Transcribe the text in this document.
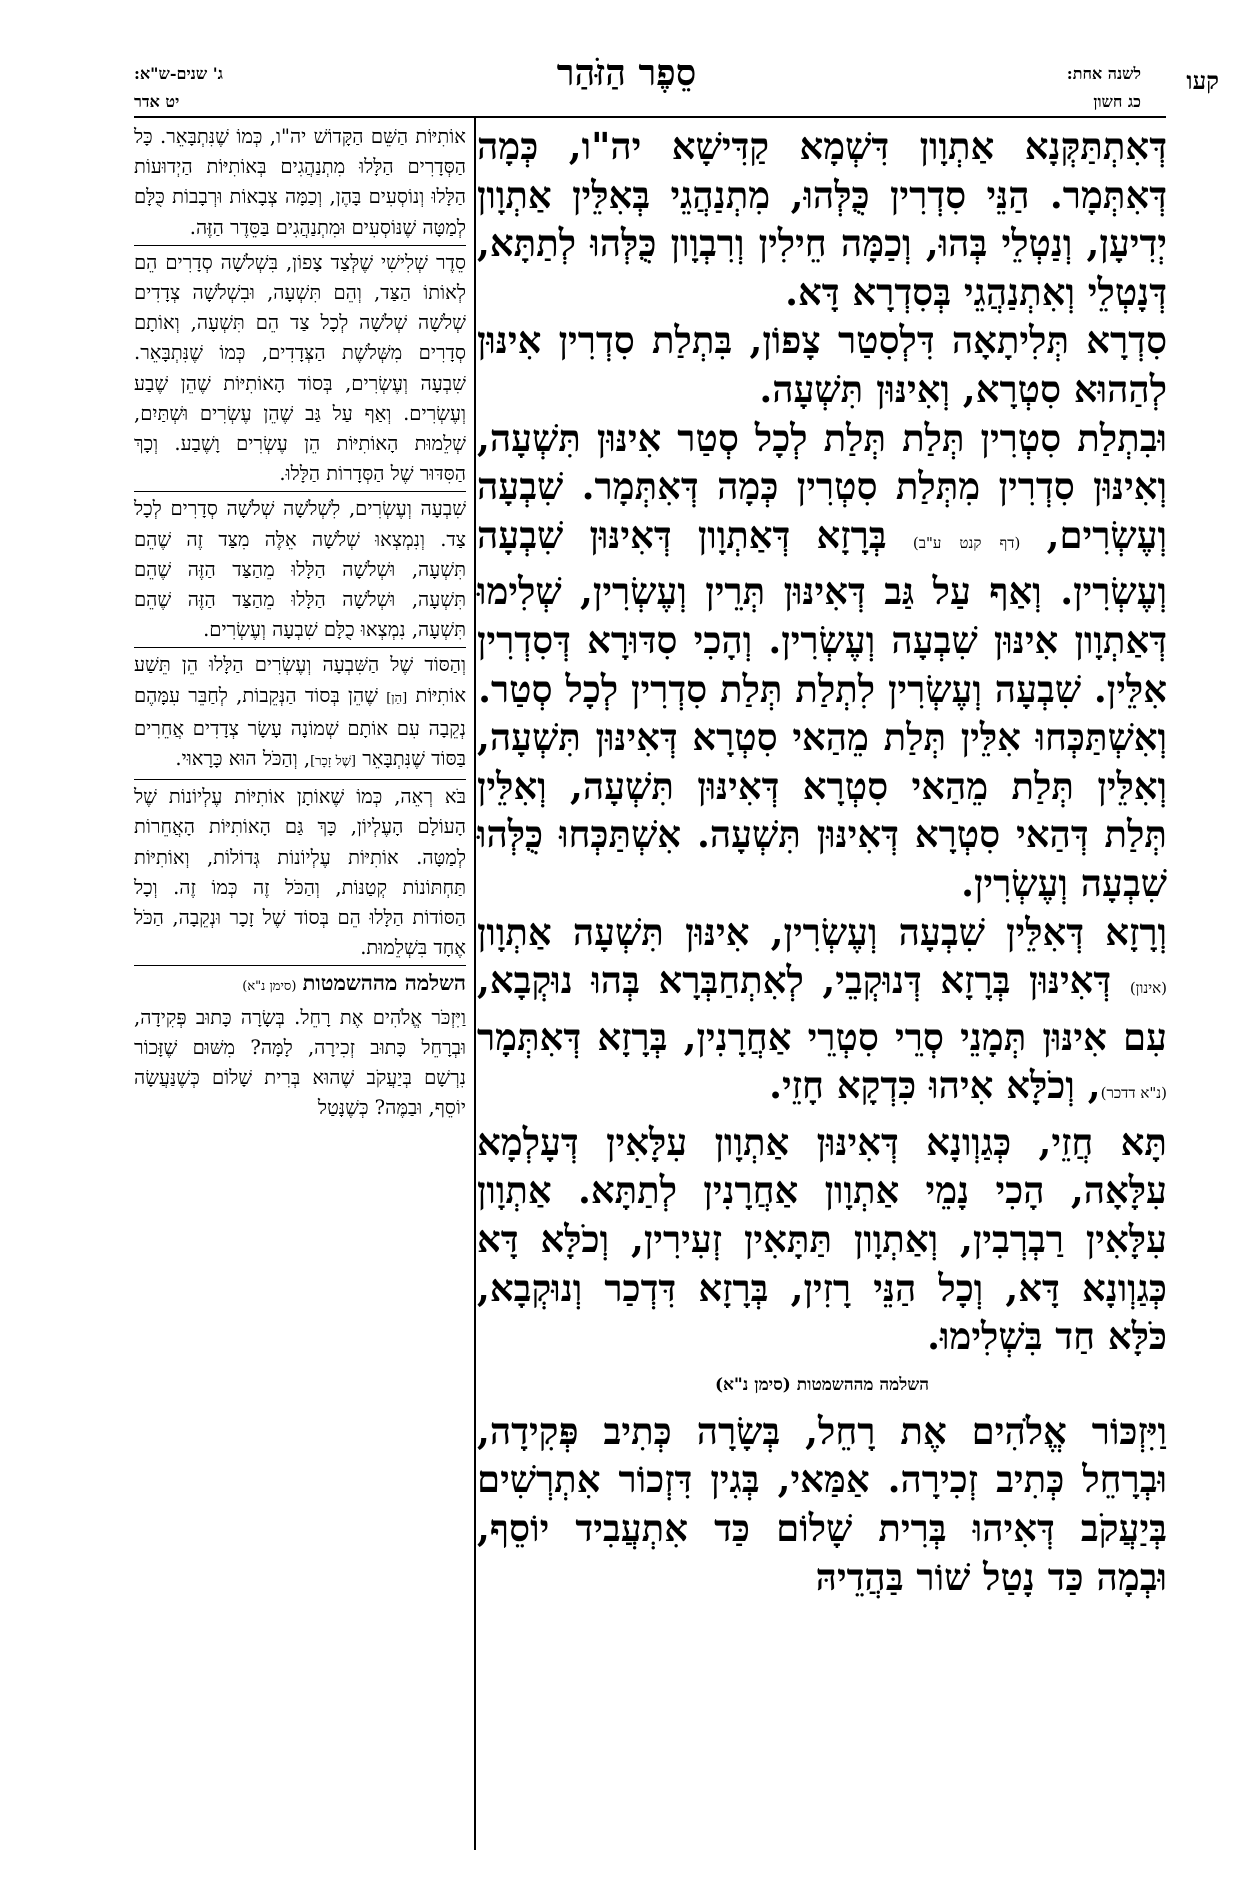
קעו
לשנה אחת:
כג חשון
סֵפֶר הַזֹּהַר
ג' שנים-ש"א:
יט אדר

דְּאִתְתַּקְּנָא אַתְוָון דִּשְׁמָא קַדִּישָׁא יה"ו, כְּמָה דְּאִתְּמָר. הַנֵּי סִדְרִין כֻּלְּהוּ, מִתְנַהֲגֵי בְּאִלֵּין אַתְוָון יְדִיעָן, וְנַטְלֵי בְּהוּ, וְכַמָּה חֵילִין וְרִבְוָון כֻּלְּהוּ לְתַתָּא, דְּנָטְלֵי וְאִתְנַהֲגֵי בְּסִדְרָא דָּא.

סִדְרָא תְּלִיתָאָה דִּלְסִטַר צָפוֹן, בִּתְלַת סִדְרִין אִינּוּן לְהַהוּא סִטְרָא, וְאִינּוּן תִּשְׁעָה.

וּבִתְלַת סִטְרִין תְּלַת תְּלַת לְכָל סְטַר אִינּוּן תִּשְׁעָה, וְאִינּוּן סִדְרִין מִתְּלַת סִטְרִין כְּמָה דְּאִתְּמָר. שִׁבְעָה וְעֶשְׂרִים, (דף קנט ע"ב) בְּרָזָא דְּאַתְוָון דְּאִינּוּן שִׁבְעָה וְעֶשְׂרִין. וְאַף עַל גַּב דְּאִינּוּן תְּרֵין וְעֶשְׂרִין, שְׁלִימוּ דְּאַתְוָון אִינּוּן שִׁבְעָה וְעֶשְׂרִין. וְהָכִי סִדּוּרָא דְּסִדְרִין אִלֵּין. שִׁבְעָה וְעֶשְׂרִין לִתְלַת תְּלַת סִדְרִין לְכָל סְטַר.

וְאִשְׁתַּכְּחוּ אִלֵּין תְּלַת מֵהַאי סִטְרָא דְּאִינּוּן תִּשְׁעָה, וְאִלֵּין תְּלַת מֵהַאי סִטְרָא דְּאִינּוּן תִּשְׁעָה, וְאִלֵּין תְּלַת דְּהַאי סִטְרָא דְּאִינּוּן תִּשְׁעָה. אִשְׁתַּכְּחוּ כֻּלְּהוּ שִׁבְעָה וְעֶשְׂרִין.

וְרָזָא דְּאִלֵּין שִׁבְעָה וְעֶשְׂרִין, אִינּוּן תִּשְׁעָה אַתְוָון (אינון) דְּאִינּוּן בְּרָזָא דְּנוּקְבֵי, לְאִתְחַבְּרָא בְּהוּ נוּקְבָא, עִם אִינּוּן תְּמָנֵי סְרֵי סִטְרֵי אַחֲרָנִין, בְּרָזָא דְּאִתְּמָר (נ"א דדכר), וְכֹלָּא אִיהוּ כִּדְקָא חָזֵי.

תָּא חֲזֵי, כְּגַוְונָא דְּאִינּוּן אַתְוָון עִלָּאִין דְּעָלְמָא עִלָּאָה, הָכִי נָמֵי אַתְוָון אַחֲרָנִין לְתַתָּא. אַתְוָון עִלָּאִין רַבְרְבִין, וְאַתְוָון תַּתָּאִין זְעִירִין, וְכֹלָּא דָּא כְּגַוְונָא דָּא, וְכָל הַנֵּי רָזִין, בְּרָזָא דִּדְכַר וְנוּקְבָא, כֹּלָּא חַד בִּשְׁלִימוּ.

השלמה מההשמטות (סימן נ"א)

וַיִּזְכּוֹר אֱלֹהִים אֶת רָחֵל, בְּשָׂרָה כְּתִיב פְּקִידָה, וּבְרָחֵל כְּתִיב זְכִירָה. אַמַּאי, בְּגִין דִּזְכוֹר אִתְרְשִׁים בְּיַעֲקֹב דְּאִיהוּ בְּרִית שָׁלוֹם כַּד אִתְעֲבִיד יוֹסֵף, וּבְמָה כַּד נָטַל שׁוֹר בַּהֲדֵיהּ

אוֹתִיּוֹת הַשֵּׁם הַקָּדוֹשׁ יה"ו, כְּמוֹ שֶׁנִּתְבָּאֵר. כָּל הַסְּדָרִים הַלָּלוּ מִתְנַהֲגִים בְּאוֹתִיּוֹת הַיְדוּעוֹת הַלָּלוּ וְנוֹסְעִים בָּהֶן, וְכַמָּה צְבָאוֹת וּרְבָבוֹת כֻּלָּם לְמַטָּה שֶׁנּוֹסְעִים וּמִתְנַהֲגִים בַּסֵּדֶר הַזֶּה.

סֵדֶר שְׁלִישִׁי שֶׁלְּצַד צָפוֹן, בִּשְׁלֹשָׁה סְדָרִים הֵם לְאוֹתוֹ הַצַּד, וְהֵם תִּשְׁעָה, וּבִשְׁלֹשָׁה צְדָדִים שְׁלֹשָׁה שְׁלֹשָׁה לְכָל צַד הֵם תִּשְׁעָה, וְאוֹתָם סְדָרִים מִשְּׁלֹשֶׁת הַצְּדָדִים, כְּמוֹ שֶׁנִּתְבָּאֵר. שִׁבְעָה וְעֶשְׂרִים, בְּסוֹד הָאוֹתִיּוֹת שֶׁהֵן שֶׁבַע וְעֶשְׂרִים. וְאַף עַל גַּב שֶׁהֵן עֶשְׂרִים וּשְׁתַּיִם, שְׁלֵמוּת הָאוֹתִיּוֹת הֵן עֶשְׂרִים וָשֶׁבַע. וְכָךְ הַסִּדּוּר שֶׁל הַסְּדָרוֹת הַלָּלוּ.

שִׁבְעָה וְעֶשְׂרִים, לִשְׁלֹשָׁה שְׁלֹשָׁה סְדָרִים לְכָל צַד. וְנִמְצְאוּ שְׁלֹשָׁה אֵלֶּה מִצַּד זֶה שֶׁהֵם תִּשְׁעָה, וּשְׁלֹשָׁה הַלָּלוּ מֵהַצַּד הַזֶּה שֶׁהֵם תִּשְׁעָה, וּשְׁלֹשָׁה הַלָּלוּ מֵהַצַּד הַזֶּה שֶׁהֵם תִּשְׁעָה, נִמְצְאוּ כֻלָּם שִׁבְעָה וְעֶשְׂרִים.

וְהַסּוֹד שֶׁל הַשִּׁבְעָה וְעֶשְׂרִים הַלָּלוּ הֵן תֵּשַׁע אוֹתִיּוֹת [הֵן] שֶׁהֵן בְּסוֹד הַנְּקֵבוֹת, לְחַבֵּר עִמָּהֶם נְקֵבָה עִם אוֹתָם שְׁמוֹנָה עָשָׂר צְדָדִים אֲחֵרִים בַּסּוֹד שֶׁנִּתְבָּאֵר [שֶׁל זָכָר], וְהַכֹּל הוּא כָּרָאוּי.

בֹּא רְאֵה, כְּמוֹ שֶׁאוֹתָן אוֹתִיּוֹת עֶלְיוֹנוֹת שֶׁל הָעוֹלָם הָעֶלְיוֹן, כָּךְ גַּם הָאוֹתִיּוֹת הָאֲחֵרוֹת לְמַטָּה. אוֹתִיּוֹת עֶלְיוֹנוֹת גְּדוֹלוֹת, וְאוֹתִיּוֹת תַּחְתּוֹנוֹת קְטַנּוֹת, וְהַכֹּל זֶה כְּמוֹ זֶה. וְכָל הַסּוֹדוֹת הַלָּלוּ הֵם בְּסוֹד שֶׁל זָכָר וּנְקֵבָה, הַכֹּל אֶחָד בִּשְׁלֵמוּת.

השלמה מההשמטות (סימן נ"א)

וַיִּזְכֹּר אֱלֹהִים אֶת רָחֵל. בְּשָׂרָה כָּתוּב פְּקִידָה, וּבְרָחֵל כָּתוּב זְכִירָה, לָמָּה? מִשּׁוּם שֶׁזָּכוֹר נִרְשָׁם בְּיַעֲקֹב שֶׁהוּא בְּרִית שָׁלוֹם כְּשֶׁנַּעֲשָׂה יוֹסֵף, וּבַמֶּה? כְּשֶׁנָּטַל
